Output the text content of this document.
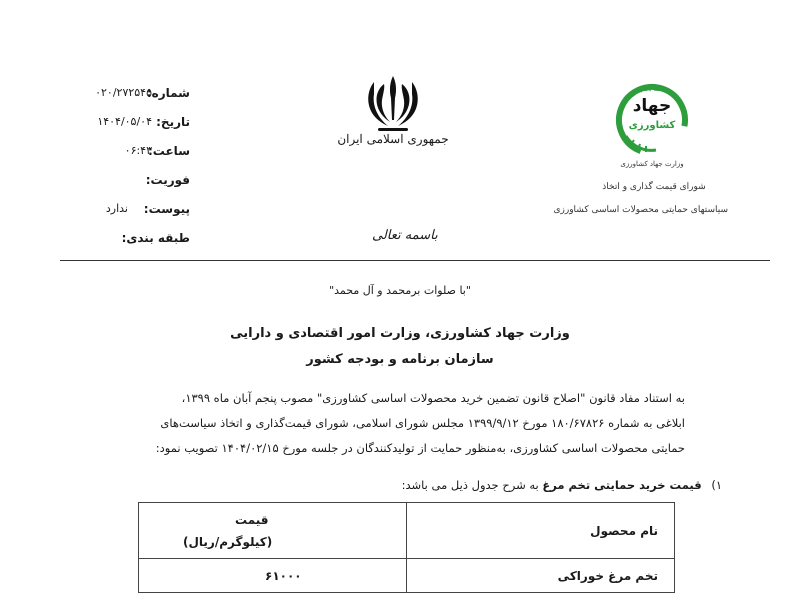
شماره:
۰۲۰/۲۷۲۵۴۵
تاریخ:
۱۴۰۴/۰۵/۰۴
ساعت:
۰۶:۴۳
فوریت:
پیوست:
ندارد
طبقه بندی:
جمهوری اسلامی ایران
باسمه تعالی
همه باهم
جهاد
کشاورزی
وزارت جهاد کشاورزی
شورای قیمت گذاری و اتخاذ
سیاستهای حمایتی محصولات اساسی کشاورزی
"با صلوات برمحمد و آل محمد"
وزارت جهاد کشاورزی، وزارت امور اقتصادی و دارایی
سازمان برنامه و بودجه کشور
به استناد مفاد قانون "اصلاح قانون تضمین خرید محصولات اساسی کشاورزی" مصوب پنجم آبان ماه ۱۳۹۹،
ابلاغی به شماره ۱۸۰/۶۷۸۲۶ مورخ ۱۳۹۹/۹/۱۲ مجلس شورای اسلامی، شورای قیمت‌گذاری و اتخاذ سیاست‌های
حمایتی محصولات اساسی کشاورزی، به‌منظور حمایت از تولیدکنندگان در جلسه مورخ ۱۴۰۴/۰۲/۱۵ تصویب نمود:
۱) قیمت خرید حمایتی تخم مرغ به شرح جدول ذیل می باشد:
نام محصول	قیمت
(کیلوگرم/ریال)

تخم مرغ خوراکی	۶۱۰۰۰
